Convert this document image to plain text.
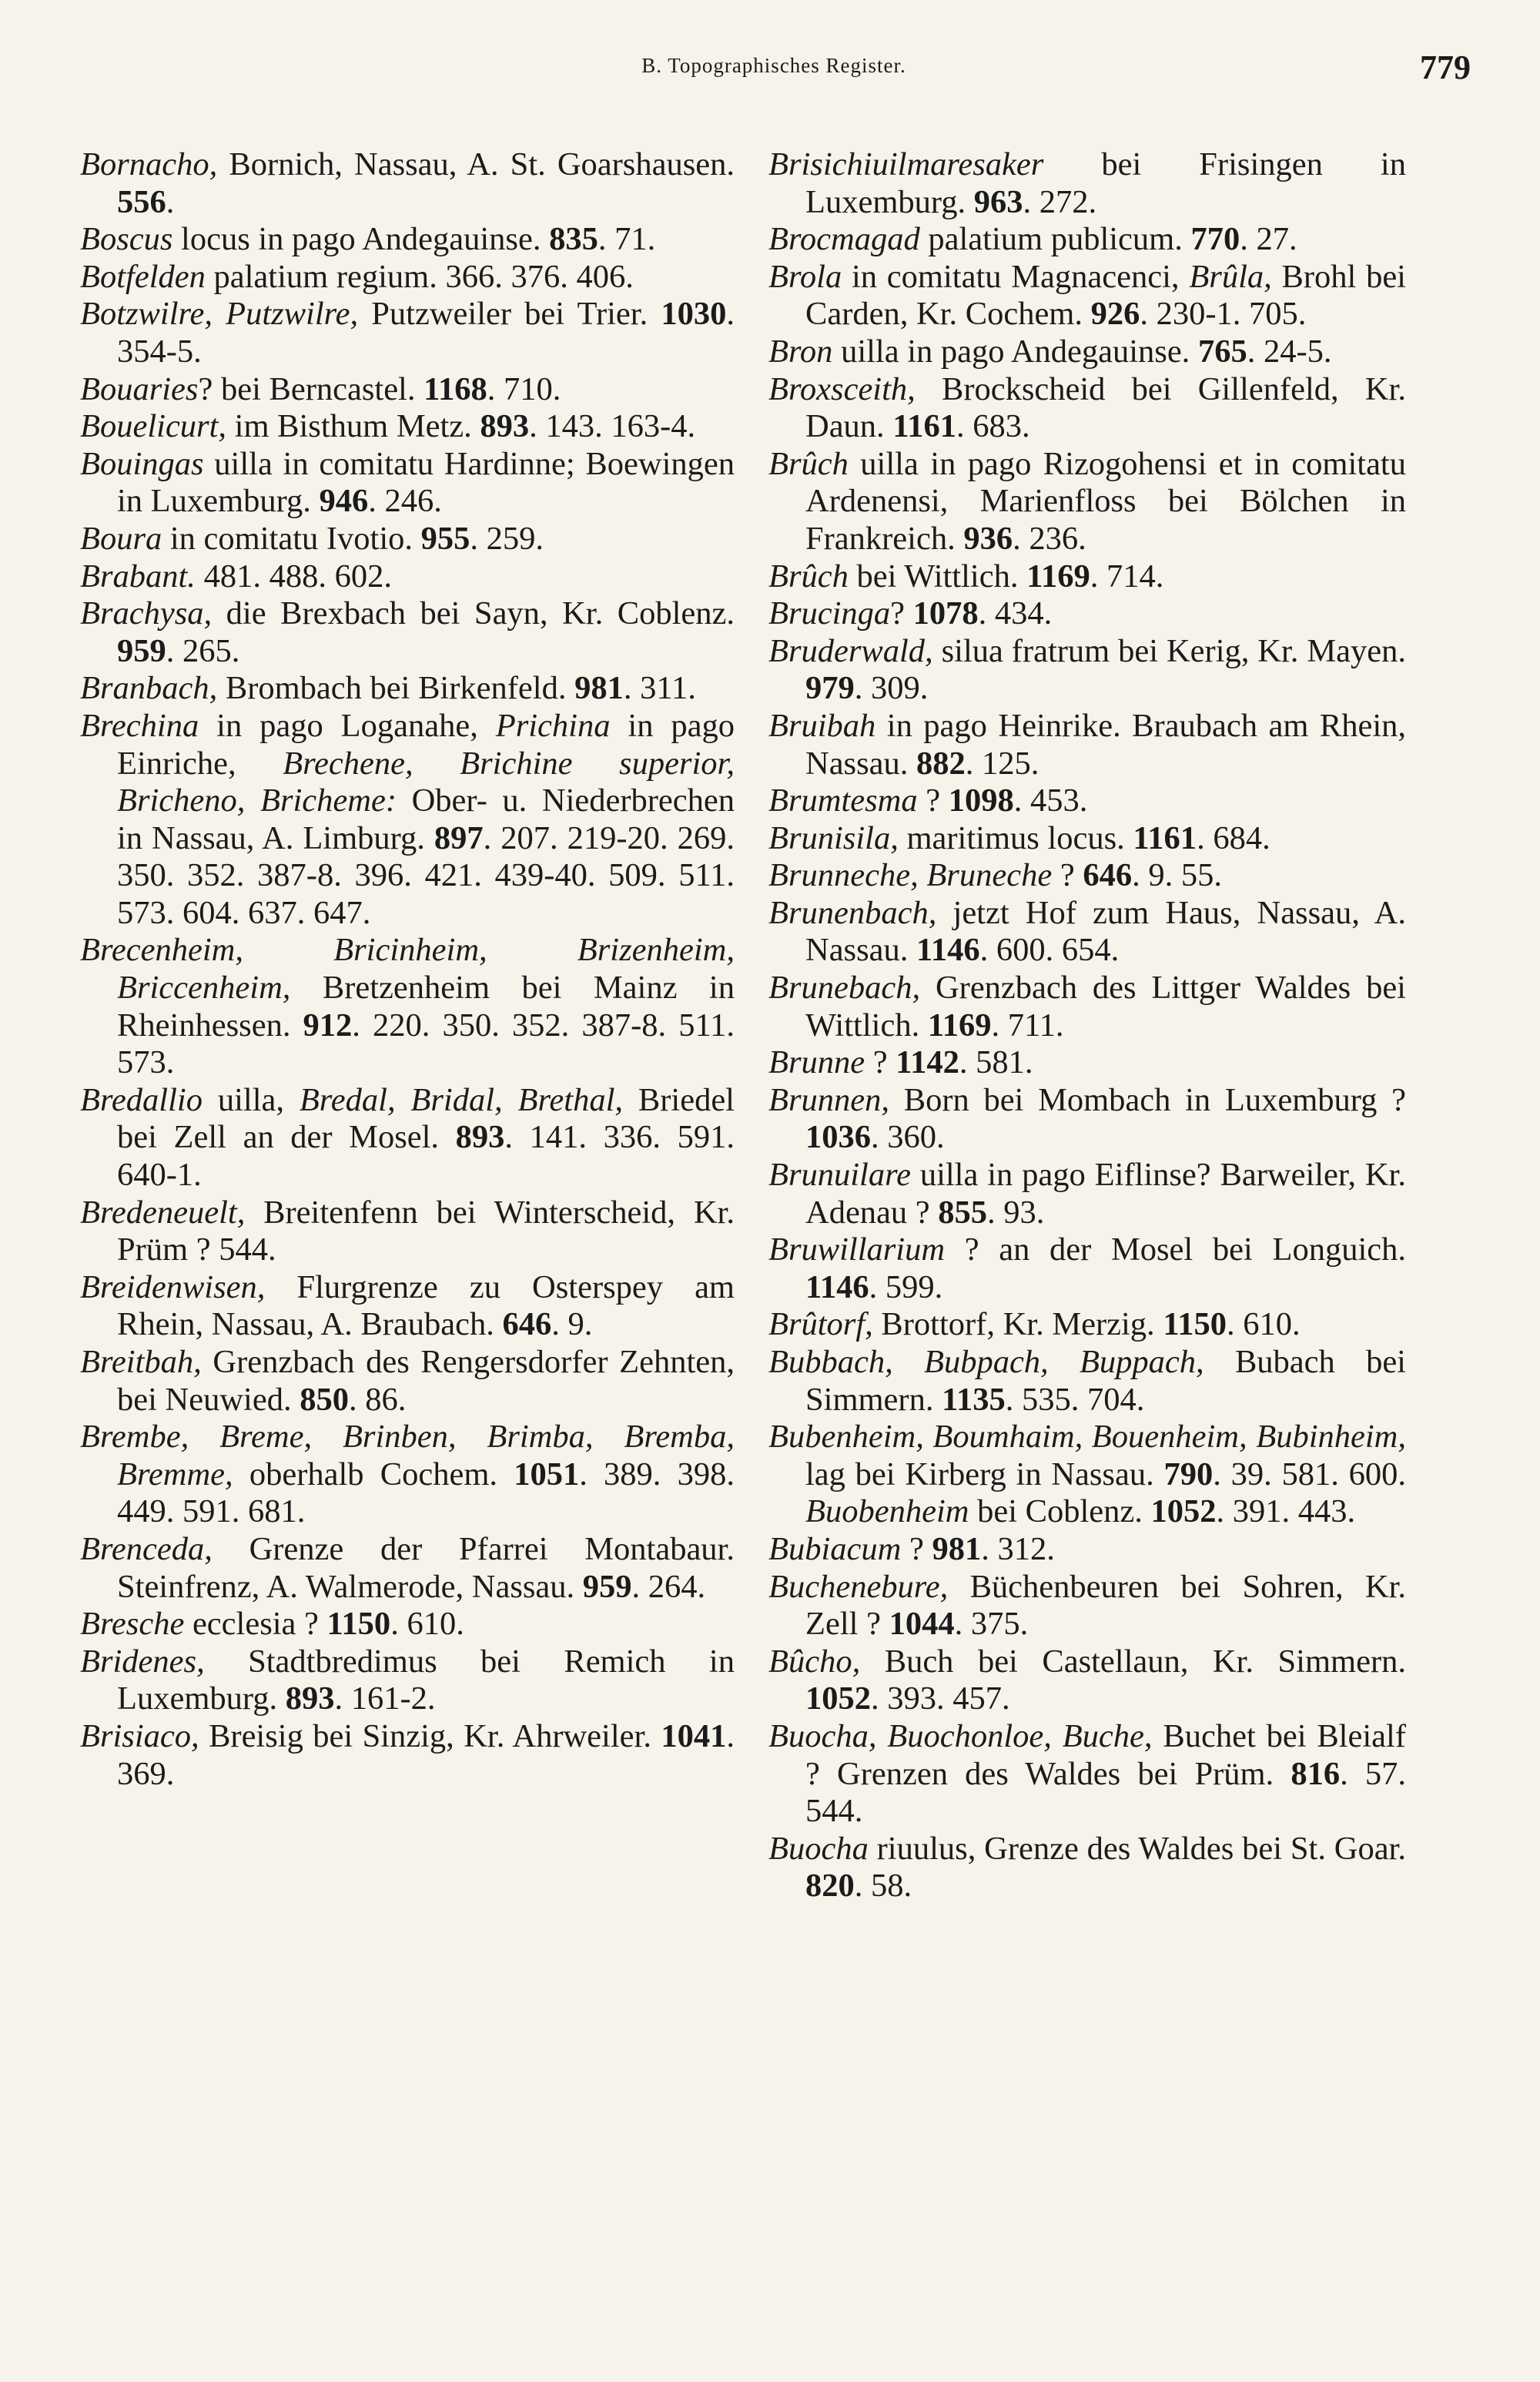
B. Topographisches Register.	779

Bornacho, Bornich, Nassau, A. St. Goarshausen. 556.

Boscus locus in pago Andegauinse. 835. 71.

Botfelden palatium regium. 366. 376. 406.

Botzwilre, Putzwilre, Putzweiler bei Trier. 1030. 354-5.

Bouaries? bei Berncastel. 1168. 710.

Bouelicurt, im Bisthum Metz. 893. 143. 163-4.

Bouingas uilla in comitatu Hardinne; Boewingen in Luxemburg. 946. 246.

Boura in comitatu Ivotio. 955. 259.

Brabant. 481. 488. 602.

Brachysa, die Brexbach bei Sayn, Kr. Coblenz. 959. 265.

Branbach, Brombach bei Birkenfeld. 981. 311.

Brechina in pago Loganahe, Prichina in pago Einriche, Brechene, Brichine superior, Bricheno, Bricheme: Ober- u. Niederbrechen in Nassau, A. Limburg. 897. 207. 219-20. 269. 350. 352. 387-8. 396. 421. 439-40. 509. 511. 573. 604. 637. 647.

Brecenheim, Bricinheim, Brizenheim, Briccenheim, Bretzenheim bei Mainz in Rheinhessen. 912. 220. 350. 352. 387-8. 511. 573.

Bredallio uilla, Bredal, Bridal, Brethal, Briedel bei Zell an der Mosel. 893. 141. 336. 591. 640-1.

Bredeneuelt, Breitenfenn bei Winterscheid, Kr. Prüm ? 544.

Breidenwisen, Flurgrenze zu Osterspey am Rhein, Nassau, A. Braubach. 646. 9.

Breitbah, Grenzbach des Rengersdorfer Zehnten, bei Neuwied. 850. 86.

Brembe, Breme, Brinben, Brimba, Bremba, Bremme, oberhalb Cochem. 1051. 389. 398. 449. 591. 681.

Brenceda, Grenze der Pfarrei Montabaur. Steinfrenz, A. Walmerode, Nassau. 959. 264.

Bresche ecclesia ? 1150. 610.

Bridenes, Stadtbredimus bei Remich in Luxemburg. 893. 161-2.

Brisiaco, Breisig bei Sinzig, Kr. Ahrweiler. 1041. 369.

Brisichiuilmaresaker bei Frisingen in Luxemburg. 963. 272.

Brocmagad palatium publicum. 770. 27.

Brola in comitatu Magnacenci, Brûla, Brohl bei Carden, Kr. Cochem. 926. 230-1. 705.

Bron uilla in pago Andegauinse. 765. 24-5.

Broxsceith, Brockscheid bei Gillenfeld, Kr. Daun. 1161. 683.

Brûch uilla in pago Rizogohensi et in comitatu Ardenensi, Marienfloss bei Bölchen in Frankreich. 936. 236.

Brûch bei Wittlich. 1169. 714.

Brucinga? 1078. 434.

Bruderwald, silua fratrum bei Kerig, Kr. Mayen. 979. 309.

Bruibah in pago Heinrike. Braubach am Rhein, Nassau. 882. 125.

Brumtesma ? 1098. 453.

Brunisila, maritimus locus. 1161. 684.

Brunneche, Bruneche ? 646. 9. 55.

Brunenbach, jetzt Hof zum Haus, Nassau, A. Nassau. 1146. 600. 654.

Brunebach, Grenzbach des Littger Waldes bei Wittlich. 1169. 711.

Brunne ? 1142. 581.

Brunnen, Born bei Mombach in Luxemburg ? 1036. 360.

Brunuilare uilla in pago Eiflinse? Barweiler, Kr. Adenau ? 855. 93.

Bruwillarium ? an der Mosel bei Longuich. 1146. 599.

Brûtorf, Brottorf, Kr. Merzig. 1150. 610.

Bubbach, Bubpach, Buppach, Bubach bei Simmern. 1135. 535. 704.

Bubenheim, Boumhaim, Bouenheim, Bubinheim, lag bei Kirberg in Nassau. 790. 39. 581. 600. Buobenheim bei Coblenz. 1052. 391. 443.

Bubiacum ? 981. 312.

Buchenebure, Büchenbeuren bei Sohren, Kr. Zell ? 1044. 375.

Bûcho, Buch bei Castellaun, Kr. Simmern. 1052. 393. 457.

Buocha, Buochonloe, Buche, Buchet bei Bleialf ? Grenzen des Waldes bei Prüm. 816. 57. 544.

Buocha riuulus, Grenze des Waldes bei St. Goar. 820. 58.
